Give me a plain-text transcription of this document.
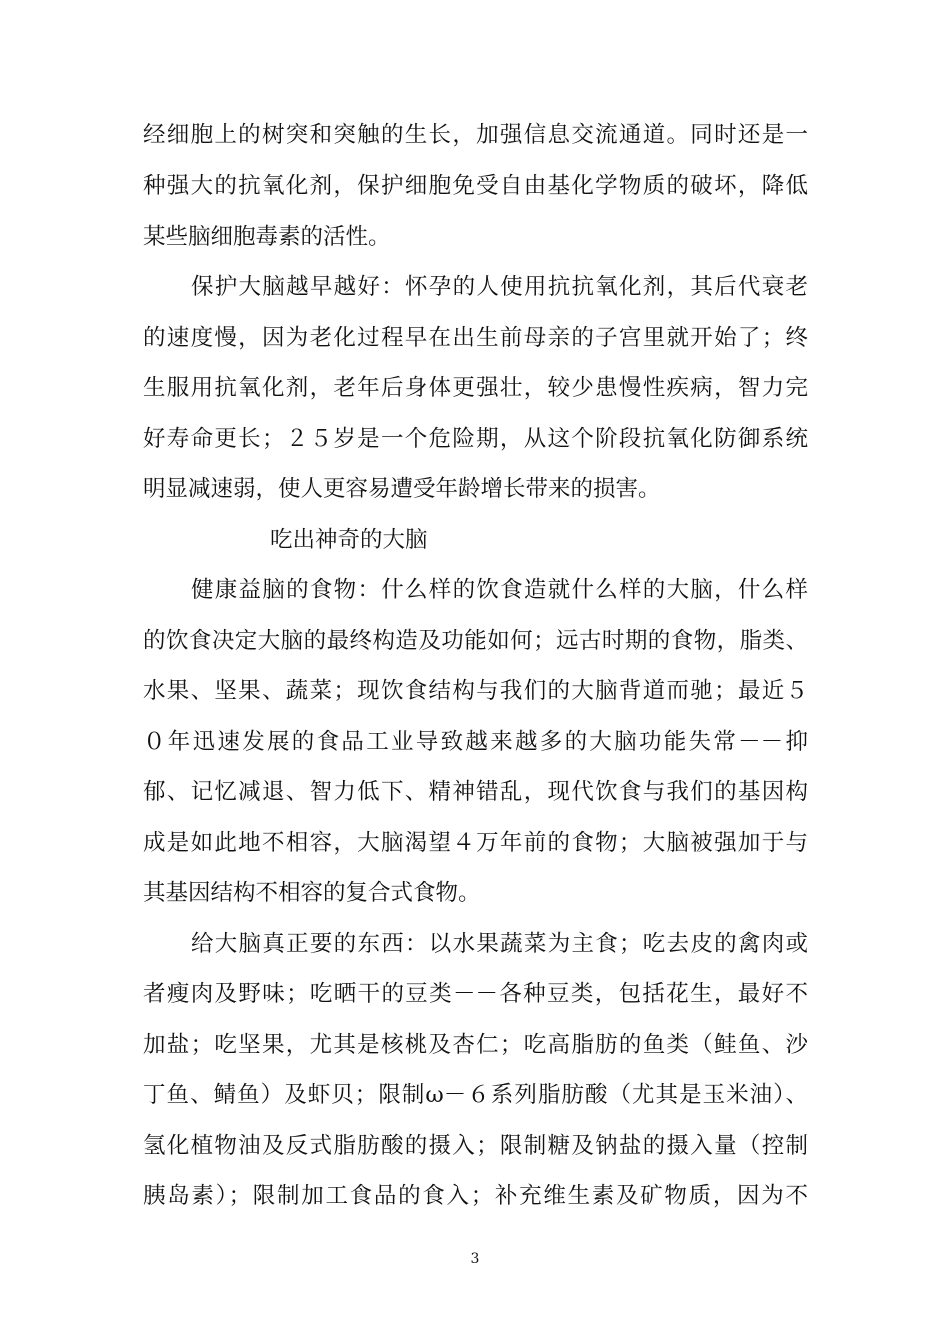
经细胞上的树突和突触的生长，加强信息交流通道。同时还是一
种强大的抗氧化剂，保护细胞免受自由基化学物质的破坏，降低
某些脑细胞毒素的活性。
保护大脑越早越好：怀孕的人使用抗抗氧化剂，其后代衰老
的速度慢，因为老化过程早在出生前母亲的子宫里就开始了；终
生服用抗氧化剂，老年后身体更强壮，较少患慢性疾病，智力完
好寿命更长；２５岁是一个危险期，从这个阶段抗氧化防御系统
明显减速弱，使人更容易遭受年龄增长带来的损害。
吃出神奇的大脑
健康益脑的食物：什么样的饮食造就什么样的大脑，什么样
的饮食决定大脑的最终构造及功能如何；远古时期的食物，脂类、
水果、坚果、蔬菜；现饮食结构与我们的大脑背道而驰；最近５
０年迅速发展的食品工业导致越来越多的大脑功能失常－－抑
郁、记忆减退、智力低下、精神错乱，现代饮食与我们的基因构
成是如此地不相容，大脑渴望４万年前的食物；大脑被强加于与
其基因结构不相容的复合式食物。
给大脑真正要的东西：以水果蔬菜为主食；吃去皮的禽肉或
者瘦肉及野味；吃晒干的豆类－－各种豆类，包括花生，最好不
加盐；吃坚果，尤其是核桃及杏仁；吃高脂肪的鱼类（鲑鱼、沙
丁鱼、鲭鱼）及虾贝；限制ω－６系列脂肪酸（尤其是玉米油）、
氢化植物油及反式脂肪酸的摄入；限制糖及钠盐的摄入量（控制
胰岛素）；限制加工食品的食入；补充维生素及矿物质，因为不
3
